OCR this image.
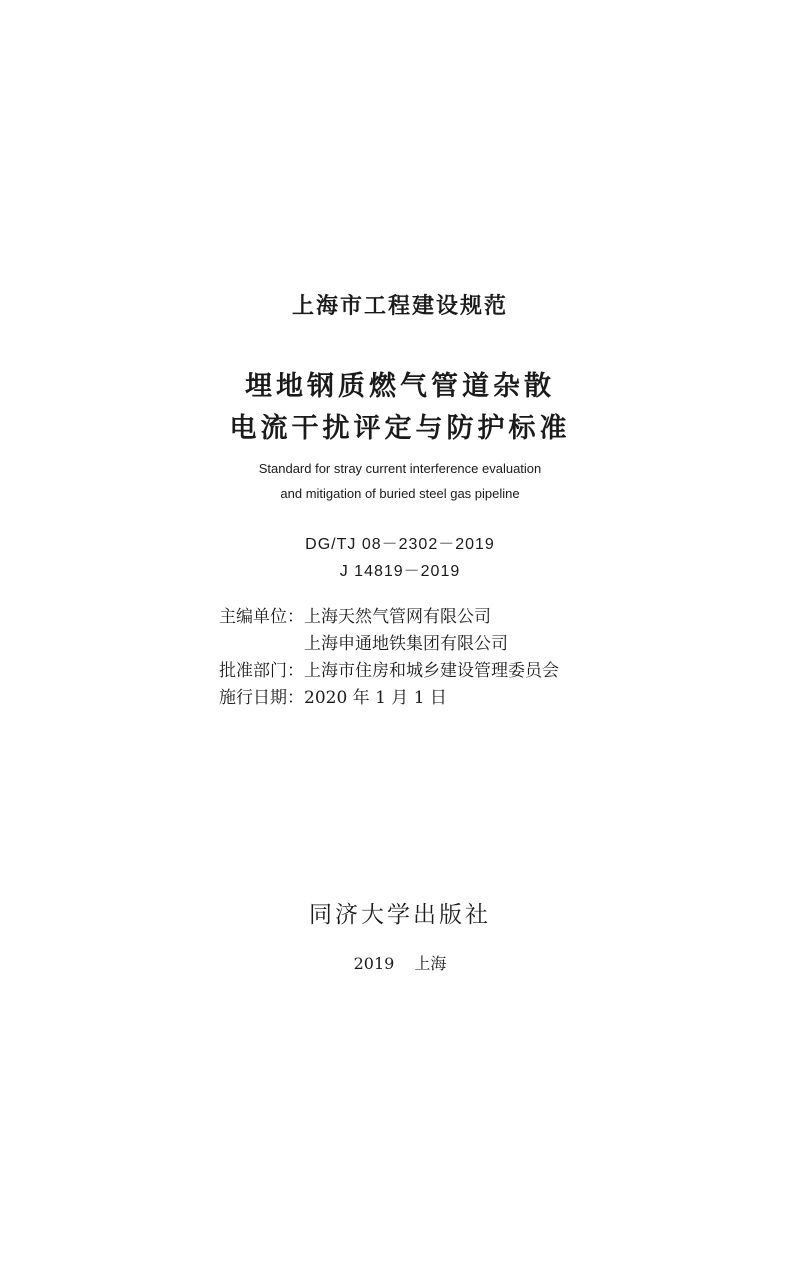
上海市工程建设规范
埋地钢质燃气管道杂散
电流干扰评定与防护标准
Standard for stray current interference evaluation
and mitigation of buried steel gas pipeline
DG/TJ 08－2302－2019
J 14819－2019
主编单位：上海天然气管网有限公司
上海申通地铁集团有限公司
批准部门：上海市住房和城乡建设管理委员会
施行日期：2020 年 1 月 1 日
同济大学出版社
2019 上海
